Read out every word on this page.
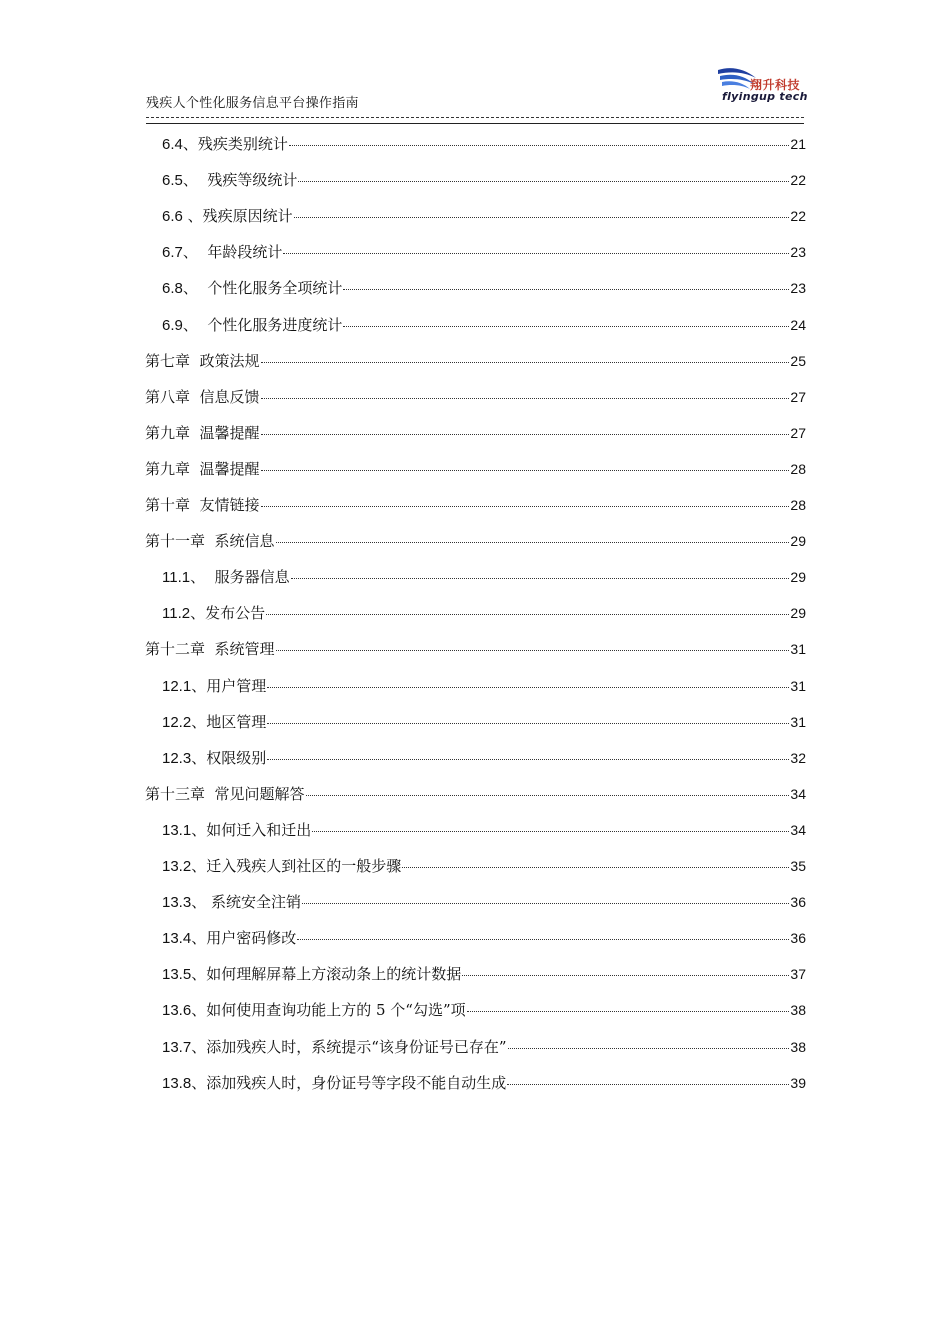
残疾人个性化服务信息平台操作指南
翔升科技
flyingup tech
6.4、残疾类别统计	21
6.5、  残疾等级统计	22
6.6 、残疾原因统计	22
6.7、  年龄段统计	23
6.8、  个性化服务全项统计	23
6.9、  个性化服务进度统计	24
第七章  政策法规	25
第八章  信息反馈	27
第九章  温馨提醒	27
第九章  温馨提醒	28
第十章  友情链接	28
第十一章  系统信息	29
11.1、  服务器信息	29
11.2、发布公告	29
第十二章  系统管理	31
12.1、用户管理	31
12.2、地区管理	31
12.3、权限级别	32
第十三章  常见问题解答	34
13.1、如何迁入和迁出	34
13.2、迁入残疾人到社区的一般步骤	35
13.3、 系统安全注销	36
13.4、用户密码修改	36
13.5、如何理解屏幕上方滚动条上的统计数据	37
13.6、如何使用查询功能上方的 5 个“勾选”项	38
13.7、添加残疾人时，系统提示“该身份证号已存在”	38
13.8、添加残疾人时，身份证号等字段不能自动生成	39
